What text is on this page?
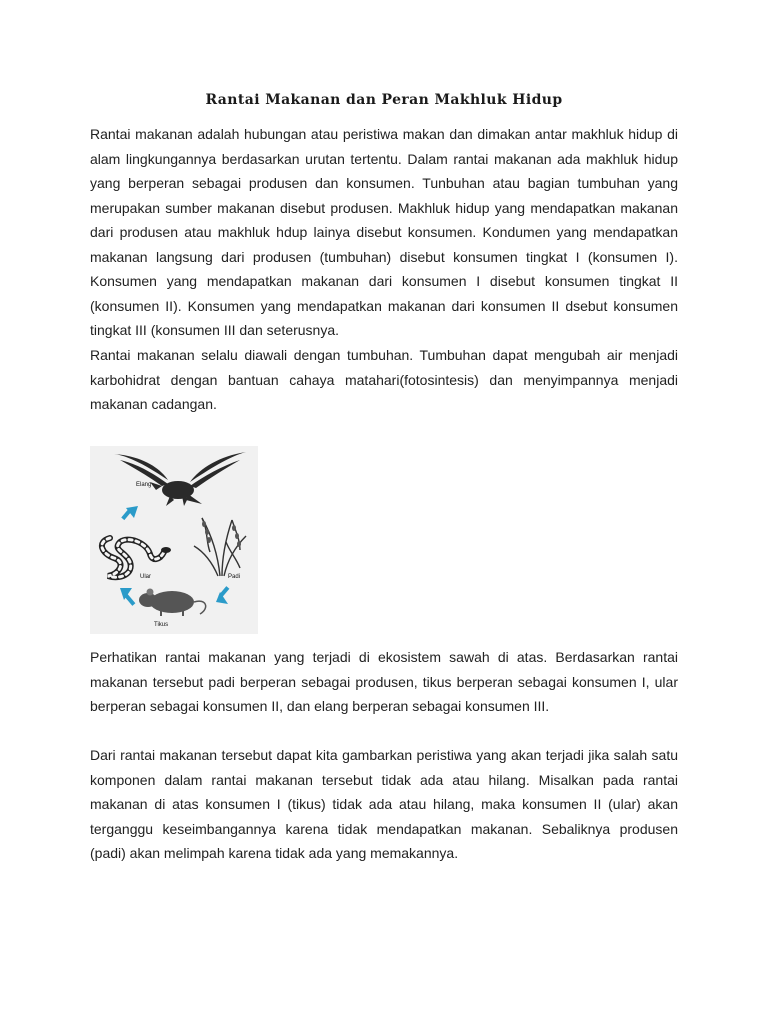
Rantai Makanan dan Peran Makhluk Hidup

Rantai makanan adalah hubungan atau peristiwa makan dan dimakan antar makhluk hidup di alam lingkungannya berdasarkan urutan tertentu. Dalam rantai makanan ada makhluk hidup yang berperan sebagai produsen dan konsumen. Tunbuhan atau bagian tumbuhan yang merupakan sumber makanan disebut produsen. Makhluk hidup yang mendapatkan makanan dari produsen atau makhluk hdup lainya disebut konsumen. Kondumen yang mendapatkan makanan langsung dari produsen (tumbuhan) disebut konsumen tingkat I (konsumen I). Konsumen yang mendapatkan makanan dari konsumen I disebut konsumen tingkat II (konsumen II). Konsumen yang mendapatkan makanan dari konsumen II dsebut konsumen tingkat III (konsumen III dan seterusnya.

Rantai makanan selalu diawali dengan tumbuhan. Tumbuhan dapat mengubah air menjadi karbohidrat dengan bantuan cahaya matahari(fotosintesis) dan menyimpannya menjadi makanan cadangan.

Elang
Ular	Padi
Tikus

Perhatikan rantai makanan yang terjadi di ekosistem sawah di atas. Berdasarkan rantai makanan tersebut padi berperan sebagai produsen, tikus berperan sebagai konsumen I, ular berperan sebagai konsumen II, dan elang berperan sebagai konsumen III.

Dari rantai makanan tersebut dapat kita gambarkan peristiwa yang akan terjadi jika salah satu komponen dalam rantai makanan tersebut tidak ada atau hilang. Misalkan pada rantai makanan di atas konsumen I (tikus) tidak ada atau hilang, maka konsumen II (ular) akan terganggu keseimbangannya karena tidak mendapatkan makanan. Sebaliknya produsen (padi) akan melimpah karena tidak ada yang memakannya.
